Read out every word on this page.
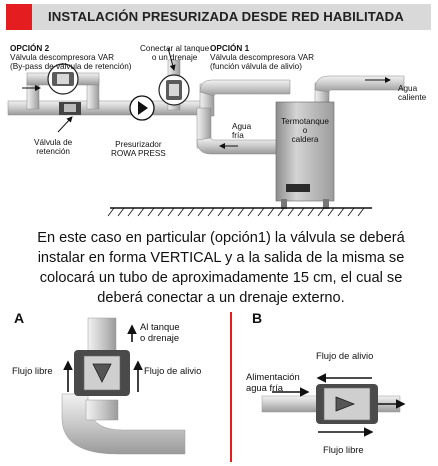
INSTALACIÓN PRESURIZADA DESDE RED HABILITADA
OPCIÓN 2
Válvula descompresora VAR
(By-pass de válvula de retención)
Conectar al tanque
o un drenaje
OPCIÓN 1
Válvula descompresora VAR
(función válvula de alivio)
Agua
caliente
Agua
fría
Termotanque
o
caldera
Válvula de
retención
Presurizador
ROWA PRESS
En este caso en particular (opción1) la válvula se deberá instalar en forma VERTICAL y a la salida de la misma se colocará un tubo de aproximadamente 15 cm, el cual se deberá conectar a un drenaje externo.
A	B
Al tanque
o drenaje
Flujo libre	Flujo de alivio
Flujo de alivio
Alimentación
agua fría
Flujo libre
